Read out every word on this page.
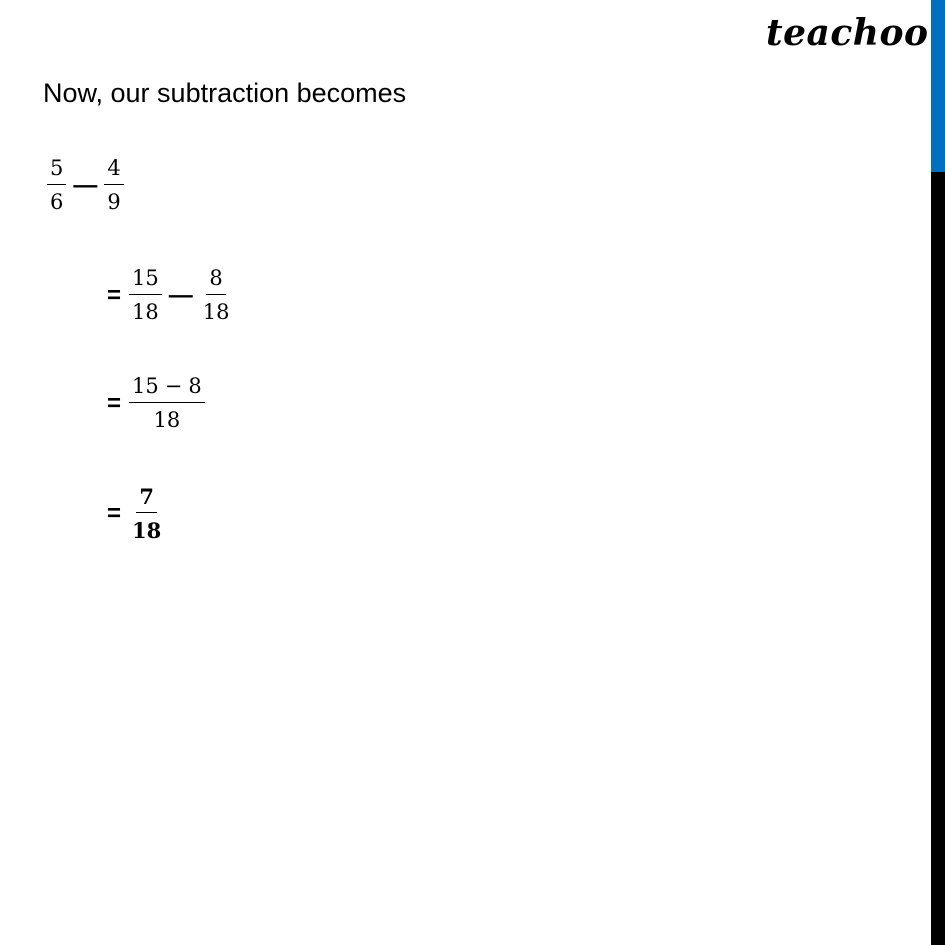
teachoo
Now, our subtraction becomes
$\frac{5}{6}$ — $\frac{4}{9}$
= $\frac{15}{18}$ — $\frac{8}{18}$
= $\frac{15 - 8}{18}$
= $\frac{7}{18}$
